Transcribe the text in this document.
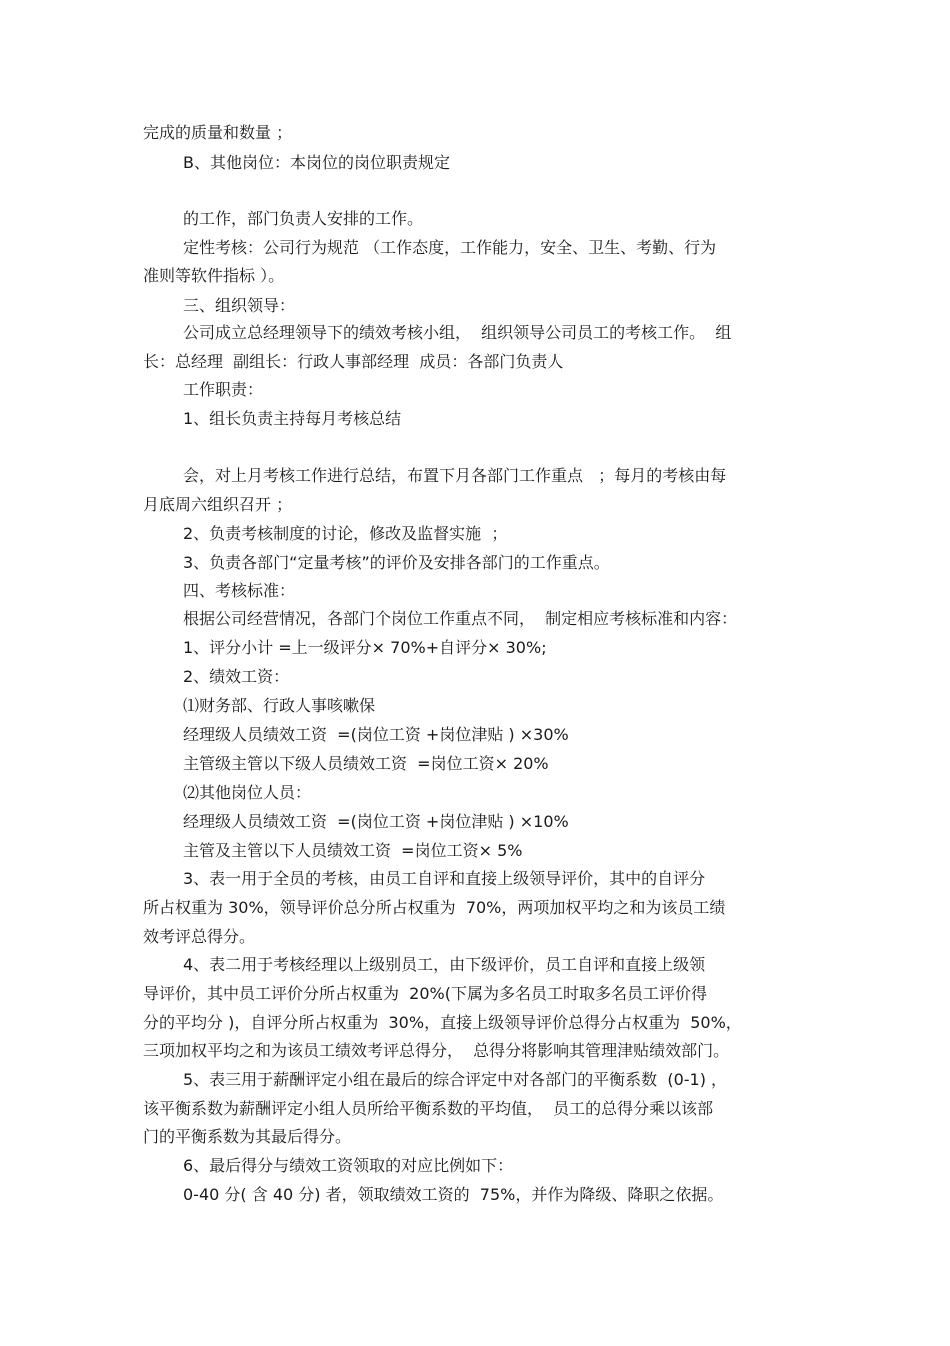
完成的质量和数量 ；
B、其他岗位：本岗位的岗位职责规定
的工作，部门负责人安排的工作。
定性考核：公司行为规范 （工作态度，工作能力，安全、卫生、考勤、行为
准则等软件指标 ）。
三、组织领导：
公司成立总经理领导下的绩效考核小组，  组织领导公司员工的考核工作。  组
长：总经理  副组长：行政人事部经理  成员：各部门负责人
工作职责：
1、组长负责主持每月考核总结
会，对上月考核工作进行总结，布置下月各部门工作重点   ；每月的考核由每
月底周六组织召开 ；
2、负责考核制度的讨论，修改及监督实施  ；
3、负责各部门“定量考核”的评价及安排各部门的工作重点。
四、考核标准：
根据公司经营情况，各部门个岗位工作重点不同，  制定相应考核标准和内容：
1、评分小计 =上一级评分× 70%+自评分× 30%;
2、绩效工资：
⑴财务部、行政人事咳嗽保
经理级人员绩效工资  =(岗位工资 +岗位津贴 ) ×30%
主管级主管以下级人员绩效工资  =岗位工资× 20%
⑵其他岗位人员：
经理级人员绩效工资  =(岗位工资 +岗位津贴 ) ×10%
主管及主管以下人员绩效工资  =岗位工资× 5%
3、表一用于全员的考核，由员工自评和直接上级领导评价，其中的自评分
所占权重为 30%，领导评价总分所占权重为  70%，两项加权平均之和为该员工绩
效考评总得分。
4、表二用于考核经理以上级别员工，由下级评价，员工自评和直接上级领
导评价，其中员工评价分所占权重为  20%(下属为多名员工时取多名员工评价得
分的平均分 )，自评分所占权重为  30%，直接上级领导评价总得分占权重为  50%，
三项加权平均之和为该员工绩效考评总得分，  总得分将影响其管理津贴绩效部门。
5、表三用于薪酬评定小组在最后的综合评定中对各部门的平衡系数  (0-1) ，
该平衡系数为薪酬评定小组人员所给平衡系数的平均值，  员工的总得分乘以该部
门的平衡系数为其最后得分。
6、最后得分与绩效工资领取的对应比例如下：
0-40 分( 含 40 分) 者，领取绩效工资的  75%，并作为降级、降职之依据。
